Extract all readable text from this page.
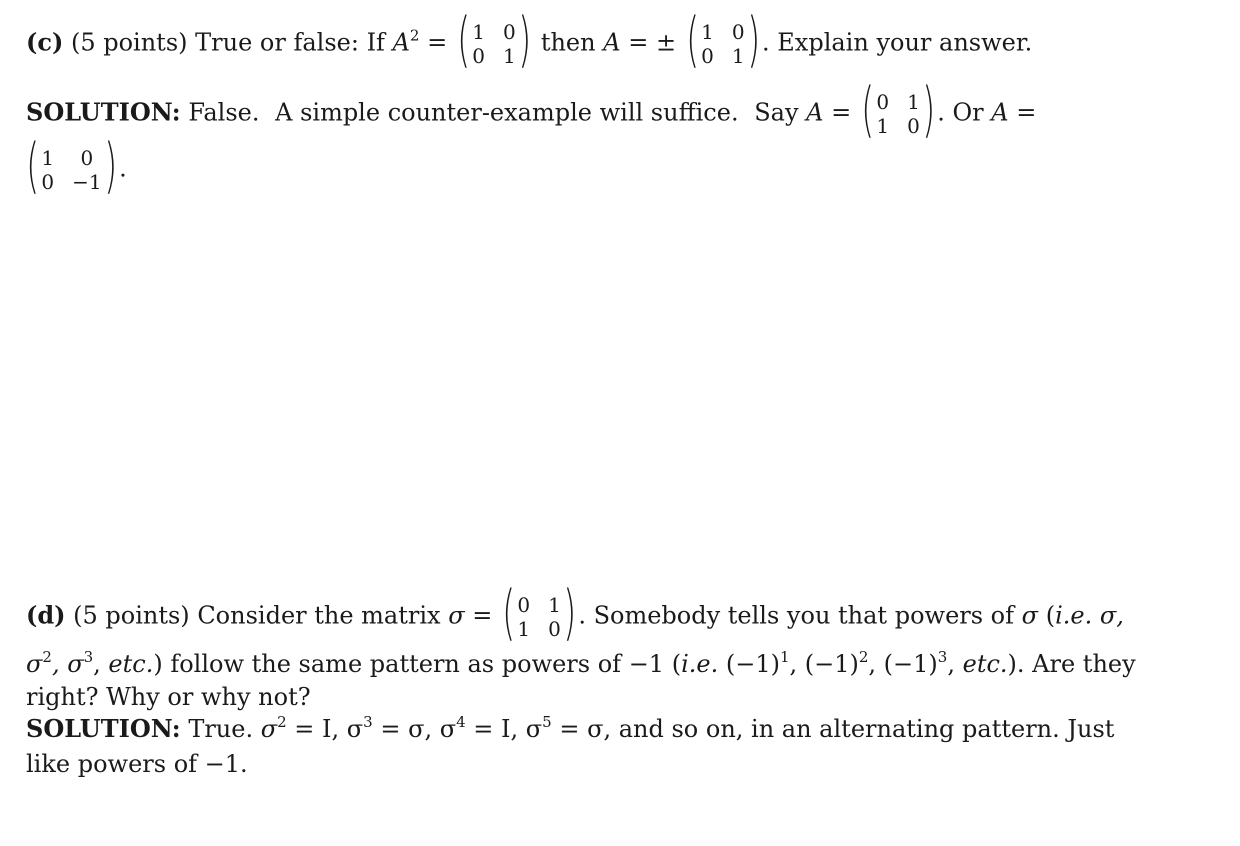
(c) (5 points) True or false: If $A^2$ = ( 1 0
0 1 ) then A = ± ( 1 0
0 1 ) . Explain your answer.
SOLUTION: False. A simple counter-example will suffice. Say A = ( 0 1
1 0 ) . Or A =
( 1	0
0 −1 ) .
(d) (5 points) Consider the matrix σ = ( 0 1
1 0 ) . Somebody tells you that powers of σ (i.e. σ,
$\sigma^2$, $\sigma^3$, etc.) follow the same pattern as powers of −1 (i.e. $(-1)^1$, $(-1)^2$, $(-1)^3$, etc.). Are they
right? Why or why not?
SOLUTION: True. $\sigma^2 = I$, $\sigma^3 = \sigma$, $\sigma^4 = I$, $\sigma^5 = \sigma$, and so on, in an alternating pattern. Just
like powers of −1.
